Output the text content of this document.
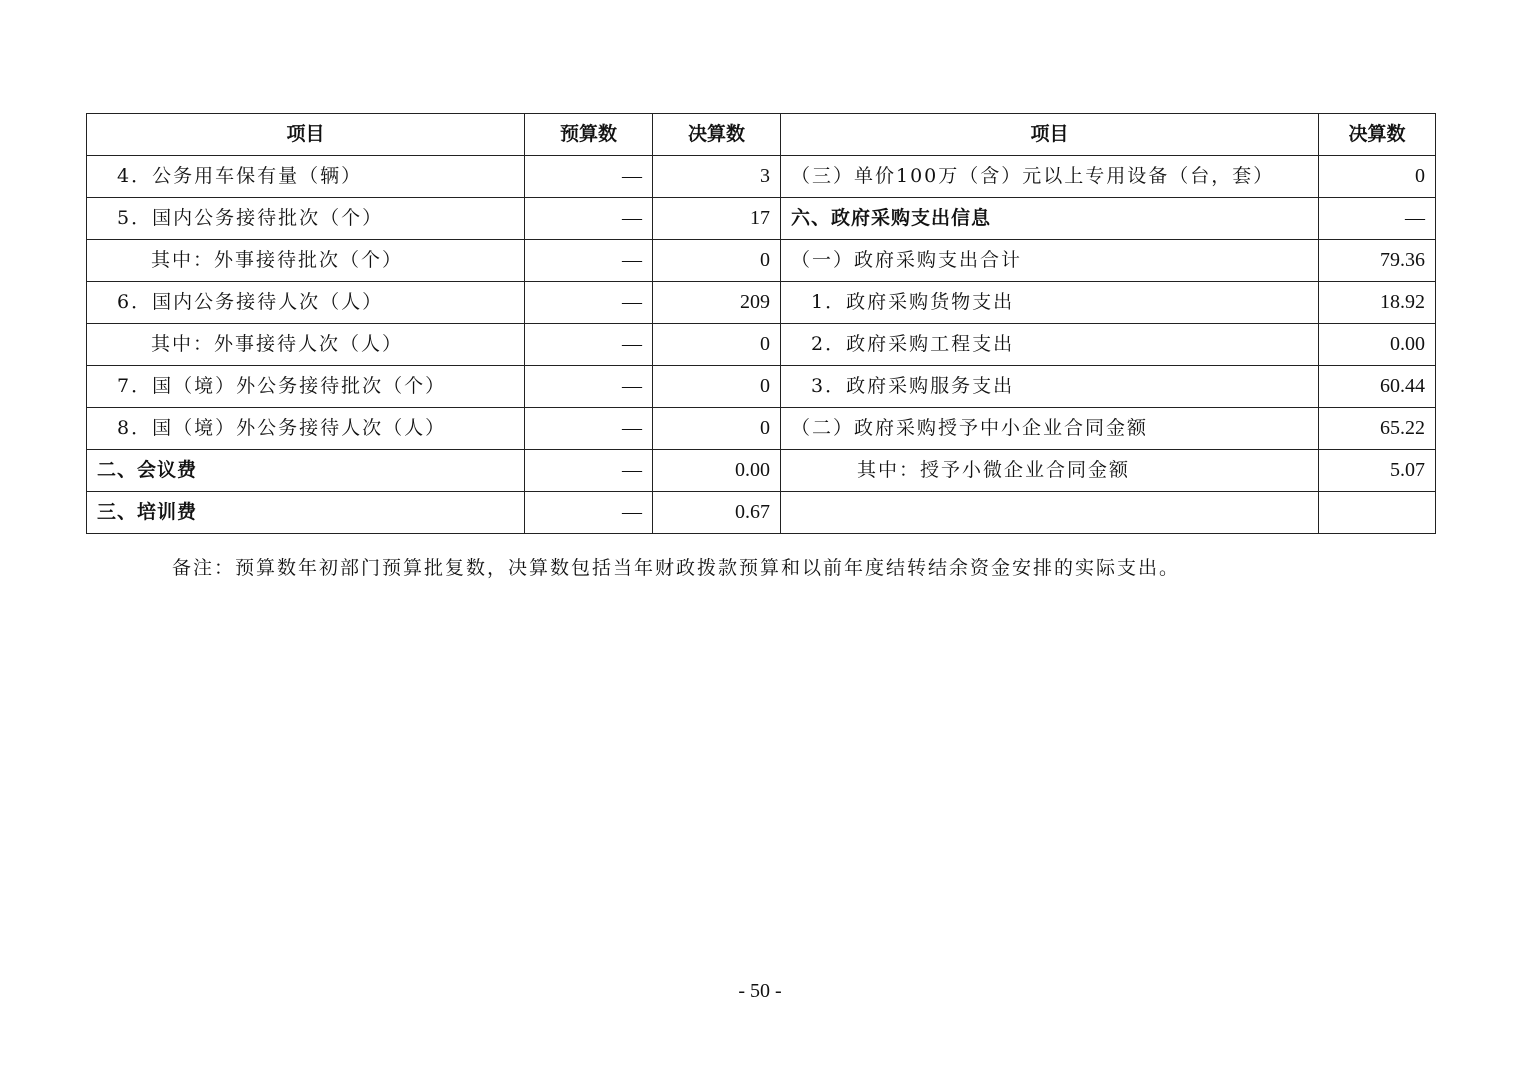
项目	预算数	决算数	项目	决算数
4．公务用车保有量（辆）	—	3	（三）单价100万（含）元以上专用设备（台，套）	0
5．国内公务接待批次（个）	—	17	六、政府采购支出信息	—
其中：外事接待批次（个）	—	0	（一）政府采购支出合计	79.36
6．国内公务接待人次（人）	—	209	1．政府采购货物支出	18.92
其中：外事接待人次（人）	—	0	2．政府采购工程支出	0.00
7．国（境）外公务接待批次（个）	—	0	3．政府采购服务支出	60.44
8．国（境）外公务接待人次（人）	—	0	（二）政府采购授予中小企业合同金额	65.22
二、会议费	—	0.00	其中：授予小微企业合同金额	5.07
三、培训费	—	0.67		
备注：预算数年初部门预算批复数，决算数包括当年财政拨款预算和以前年度结转结余资金安排的实际支出。
- 50 -
